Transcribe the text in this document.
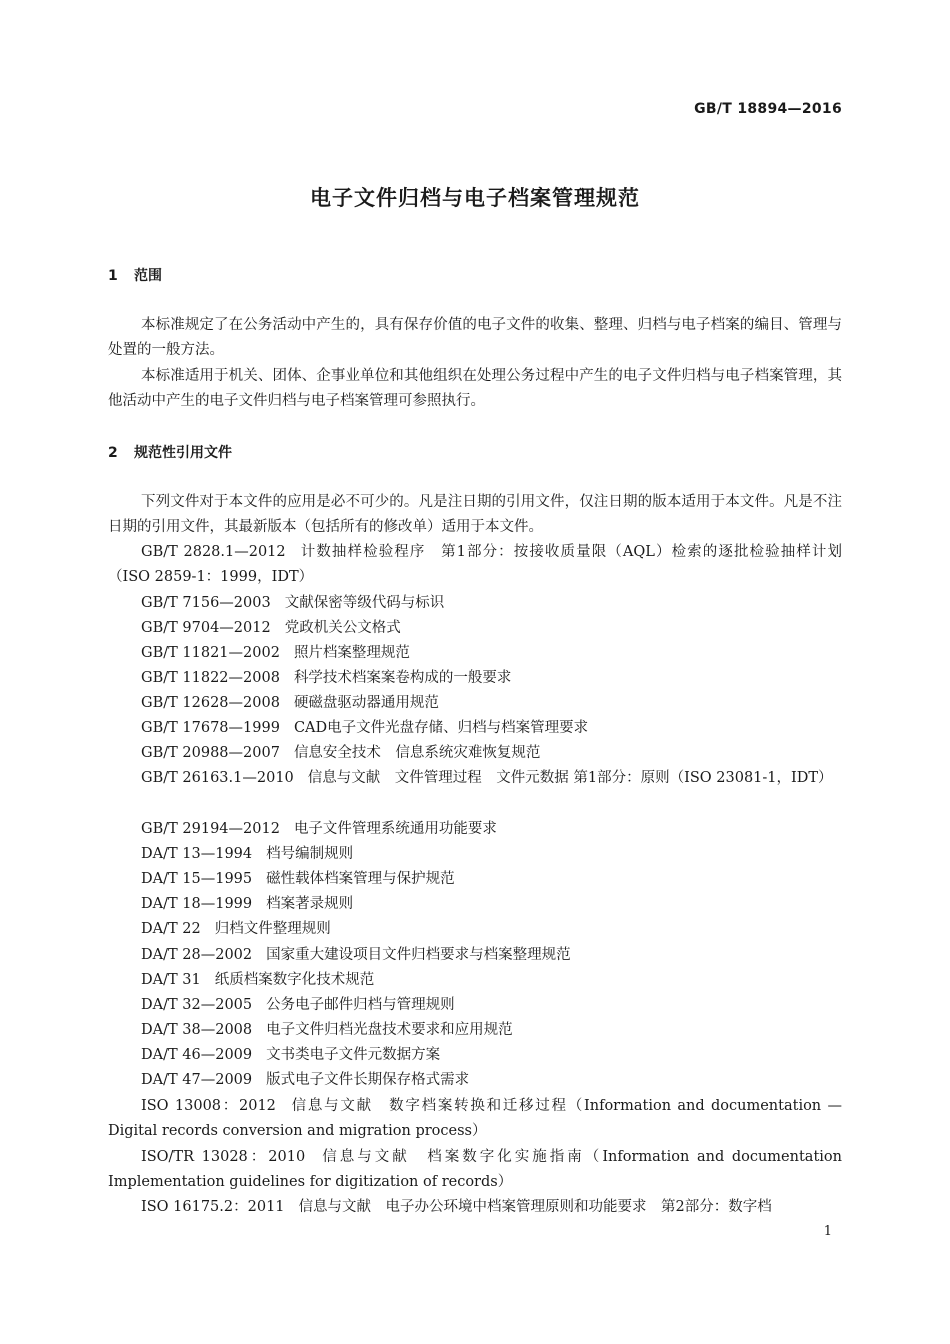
GB/T 18894—2016
电子文件归档与电子档案管理规范
1 范围
本标准规定了在公务活动中产生的，具有保存价值的电子文件的收集、整理、归档与电子档案的编目、管理与处置的一般方法。
本标准适用于机关、团体、企事业单位和其他组织在处理公务过程中产生的电子文件归档与电子档案管理，其他活动中产生的电子文件归档与电子档案管理可参照执行。
2 规范性引用文件
下列文件对于本文件的应用是必不可少的。凡是注日期的引用文件，仅注日期的版本适用于本文件。凡是不注日期的引用文件，其最新版本（包括所有的修改单）适用于本文件。
GB/T 2828.1—2012 计数抽样检验程序　第1部分：按接收质量限（AQL）检索的逐批检验抽样计划（ISO 2859-1：1999，IDT）
GB/T 7156—2003 文献保密等级代码与标识
GB/T 9704—2012 党政机关公文格式
GB/T 11821—2002 照片档案整理规范
GB/T 11822—2008 科学技术档案案卷构成的一般要求
GB/T 12628—2008 硬磁盘驱动器通用规范
GB/T 17678—1999 CAD电子文件光盘存储、归档与档案管理要求
GB/T 20988—2007 信息安全技术　信息系统灾难恢复规范
GB/T 26163.1—2010 信息与文献　文件管理过程　文件元数据 第1部分：原则（ISO 23081-1，IDT）
GB/T 29194—2012 电子文件管理系统通用功能要求
DA/T 13—1994 档号编制规则
DA/T 15—1995 磁性载体档案管理与保护规范
DA/T 18—1999 档案著录规则
DA/T 22 归档文件整理规则
DA/T 28—2002 国家重大建设项目文件归档要求与档案整理规范
DA/T 31 纸质档案数字化技术规范
DA/T 32—2005 公务电子邮件归档与管理规则
DA/T 38—2008 电子文件归档光盘技术要求和应用规范
DA/T 46—2009 文书类电子文件元数据方案
DA/T 47—2009 版式电子文件长期保存格式需求
ISO 13008：2012 信息与文献　数字档案转换和迁移过程（Information and documentation — Digital records conversion and migration process）
ISO/TR 13028：2010 信息与文献　档案数字化实施指南（Information and documentation Implementation guidelines for digitization of records）
ISO 16175.2：2011 信息与文献　电子办公环境中档案管理原则和功能要求　第2部分：数字档
1
